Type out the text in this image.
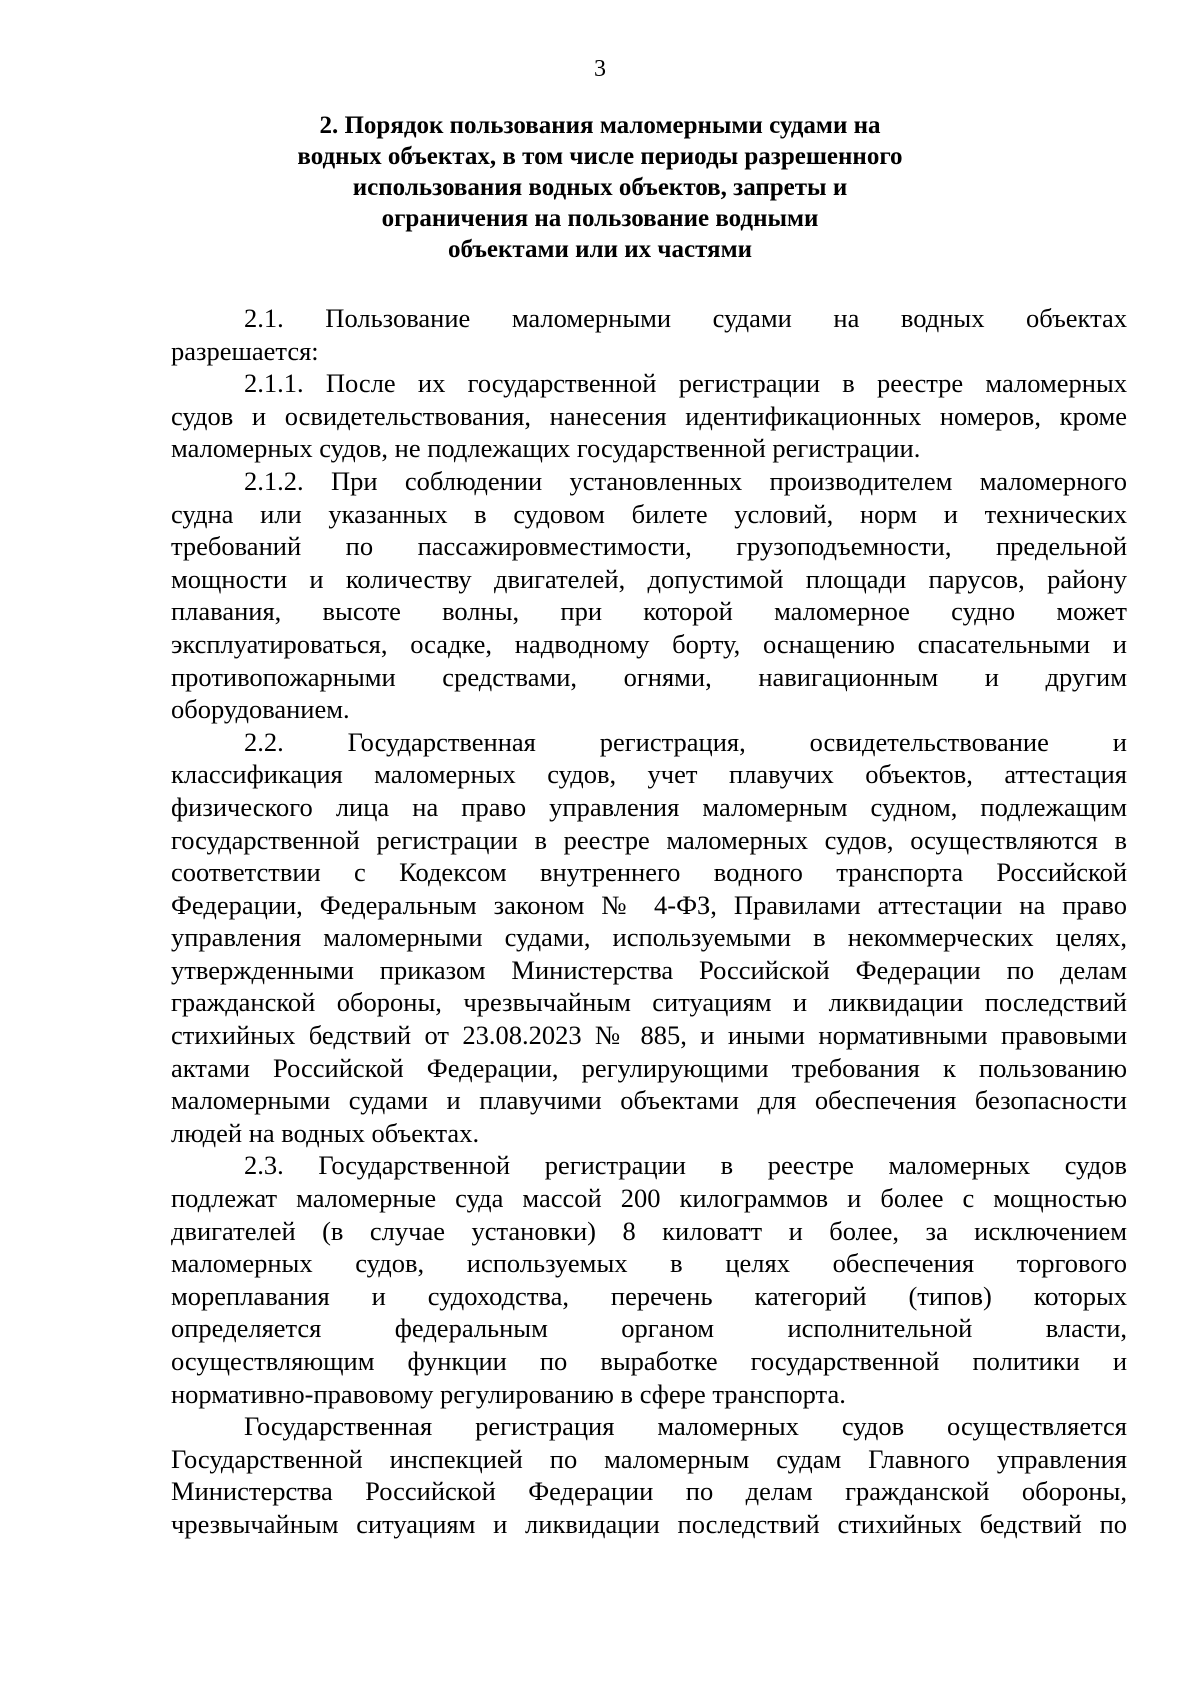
3
2. Порядок пользования маломерными судами на
водных объектах, в том числе периоды разрешенного
использования водных объектов, запреты и
ограничения на пользование водными
объектами или их частями
2.1. Пользование маломерными судами на водных объектах
разрешается:
2.1.1. После их государственной регистрации в реестре маломерных
судов и освидетельствования, нанесения идентификационных номеров, кроме
маломерных судов, не подлежащих государственной регистрации.
2.1.2. При соблюдении установленных производителем маломерного
судна или указанных в судовом билете условий, норм и технических
требований по пассажировместимости, грузоподъемности, предельной
мощности и количеству двигателей, допустимой площади парусов, району
плавания, высоте волны, при которой маломерное судно может
эксплуатироваться, осадке, надводному борту, оснащению спасательными и
противопожарными средствами, огнями, навигационным и другим
оборудованием.
2.2. Государственная регистрация, освидетельствование и
классификация маломерных судов, учет плавучих объектов, аттестация
физического лица на право управления маломерным судном, подлежащим
государственной регистрации в реестре маломерных судов, осуществляются в
соответствии с Кодексом внутреннего водного транспорта Российской
Федерации, Федеральным законом № 4-ФЗ, Правилами аттестации на право
управления маломерными судами, используемыми в некоммерческих целях,
утвержденными приказом Министерства Российской Федерации по делам
гражданской обороны, чрезвычайным ситуациям и ликвидации последствий
стихийных бедствий от 23.08.2023 № 885, и иными нормативными правовыми
актами Российской Федерации, регулирующими требования к пользованию
маломерными судами и плавучими объектами для обеспечения безопасности
людей на водных объектах.
2.3. Государственной регистрации в реестре маломерных судов
подлежат маломерные суда массой 200 килограммов и более с мощностью
двигателей (в случае установки) 8 киловатт и более, за исключением
маломерных судов, используемых в целях обеспечения торгового
мореплавания и судоходства, перечень категорий (типов) которых
определяется федеральным органом исполнительной власти,
осуществляющим функции по выработке государственной политики и
нормативно-правовому регулированию в сфере транспорта.
Государственная регистрация маломерных судов осуществляется
Государственной инспекцией по маломерным судам Главного управления
Министерства Российской Федерации по делам гражданской обороны,
чрезвычайным ситуациям и ликвидации последствий стихийных бедствий по
